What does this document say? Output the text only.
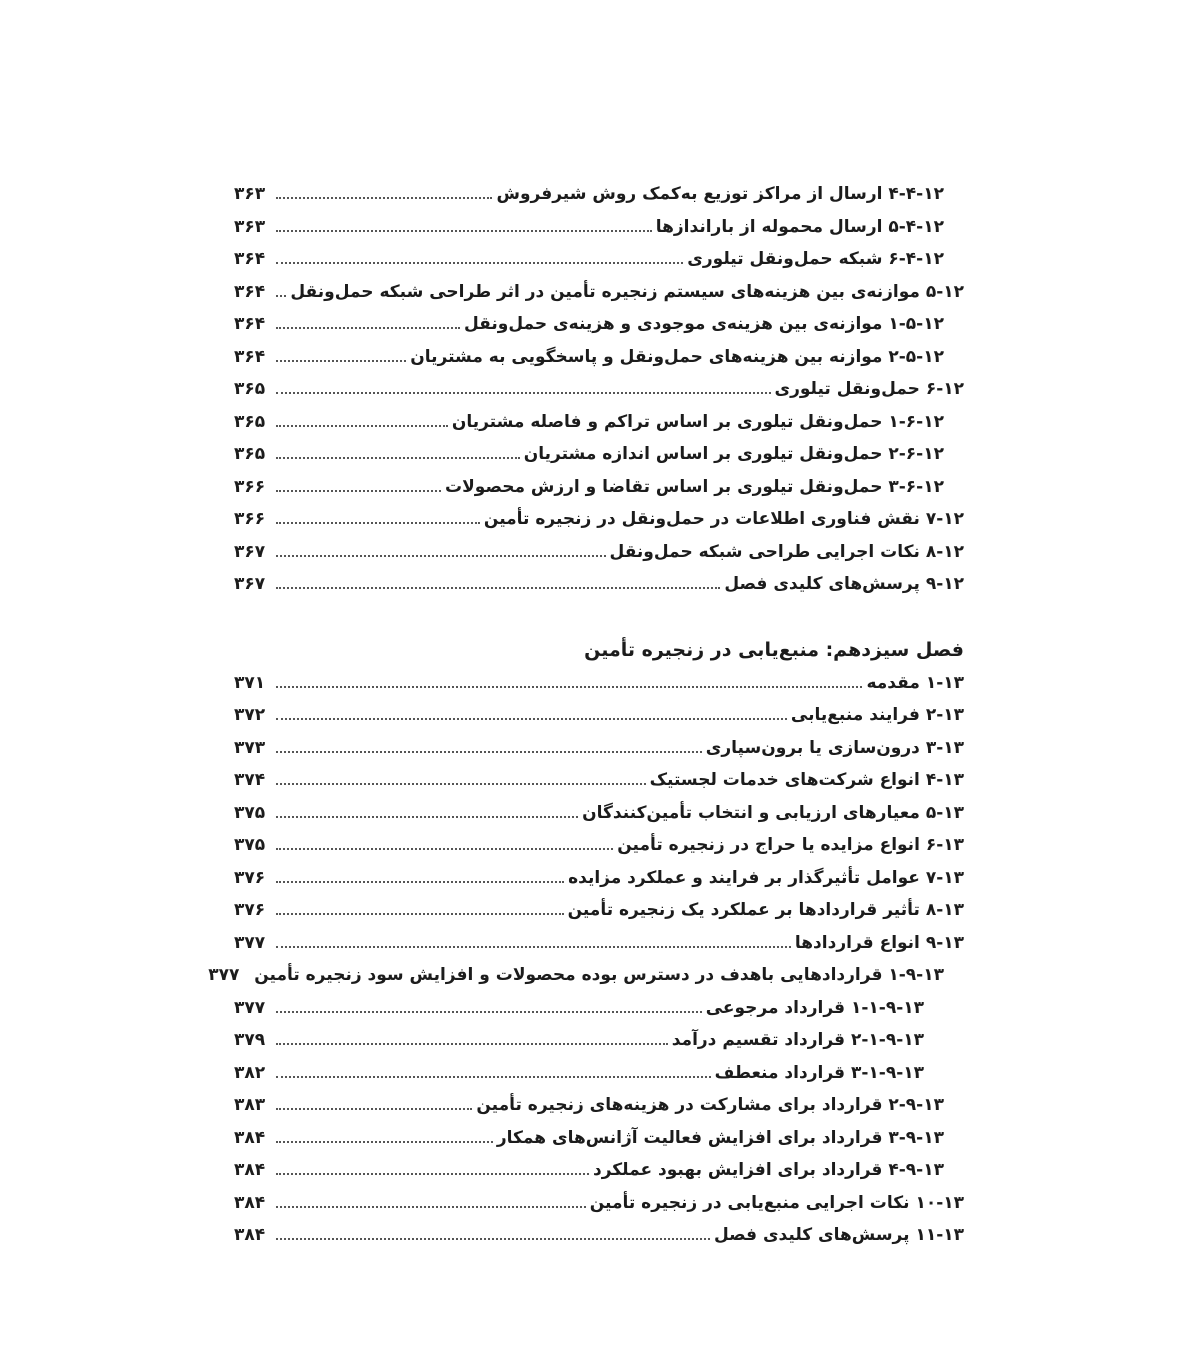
۴-۴-۱۲ ارسال از مراکز توزیع به‌کمک روش شیرفروش
۳۶۳
۵-۴-۱۲ ارسال محموله از بارانداز‌ها
۳۶۳
۶-۴-۱۲ شبکه حمل‌ونقل تیلوری
۳۶۴
۵-۱۲ موازنه‌ی بین هزینه‌های سیستم زنجیره تأمین در اثر طراحی شبکه حمل‌ونقل
۳۶۴
۱-۵-۱۲ موازنه‌ی بین هزینه‌ی موجودی و هزینه‌ی حمل‌ونقل
۳۶۴
۲-۵-۱۲ موازنه بین هزینه‌های حمل‌ونقل و پاسخگویی به مشتریان
۳۶۴
۶-۱۲ حمل‌ونقل تیلوری
۳۶۵
۱-۶-۱۲ حمل‌ونقل تیلوری بر اساس تراکم و فاصله مشتریان
۳۶۵
۲-۶-۱۲ حمل‌ونقل تیلوری بر اساس اندازه مشتریان
۳۶۵
۳-۶-۱۲ حمل‌ونقل تیلوری بر اساس تقاضا و ارزش محصولات
۳۶۶
۷-۱۲ نقش فناوری اطلاعات در حمل‌ونقل در زنجیره تأمین
۳۶۶
۸-۱۲ نکات اجرایی طراحی شبکه حمل‌ونقل
۳۶۷
۹-۱۲ پرسش‌های کلیدی فصل
۳۶۷
فصل سیزدهم: منبع‌یابی در زنجیره تأمین
۱-۱۳ مقدمه
۳۷۱
۲-۱۳ فرایند منبع‌یابی
۳۷۲
۳-۱۳ درون‌سازی یا برون‌سپاری
۳۷۳
۴-۱۳ انواع شرکت‌های خدمات لجستیک
۳۷۴
۵-۱۳ معیارهای ارزیابی و انتخاب تأمین‌کنندگان
۳۷۵
۶-۱۳ انواع مزایده یا حراج در زنجیره تأمین
۳۷۵
۷-۱۳ عوامل تأثیرگذار بر فرایند و عملکرد مزایده
۳۷۶
۸-۱۳ تأثیر قراردادها بر عملکرد یک زنجیره تأمین
۳۷۶
۹-۱۳ انواع قراردادها
۳۷۷
۱-۹-۱۳ قراردادهایی باهدف در دسترس بوده محصولات و افزایش سود زنجیره تأمین
۳۷۷
۱-۱-۹-۱۳ قرارداد مرجوعی
۳۷۷
۲-۱-۹-۱۳ قرارداد تقسیم درآمد
۳۷۹
۳-۱-۹-۱۳ قرارداد منعطف
۳۸۲
۲-۹-۱۳ قرارداد برای مشارکت در هزینه‌های زنجیره تأمین
۳۸۳
۳-۹-۱۳ قرارداد برای افزایش فعالیت آژانس‌های همکار
۳۸۴
۴-۹-۱۳ قرارداد برای افزایش بهبود عملکرد
۳۸۴
۱۰-۱۳ نکات اجرایی منبع‌یابی در زنجیره تأمین
۳۸۴
۱۱-۱۳ پرسش‌های کلیدی فصل
۳۸۴
